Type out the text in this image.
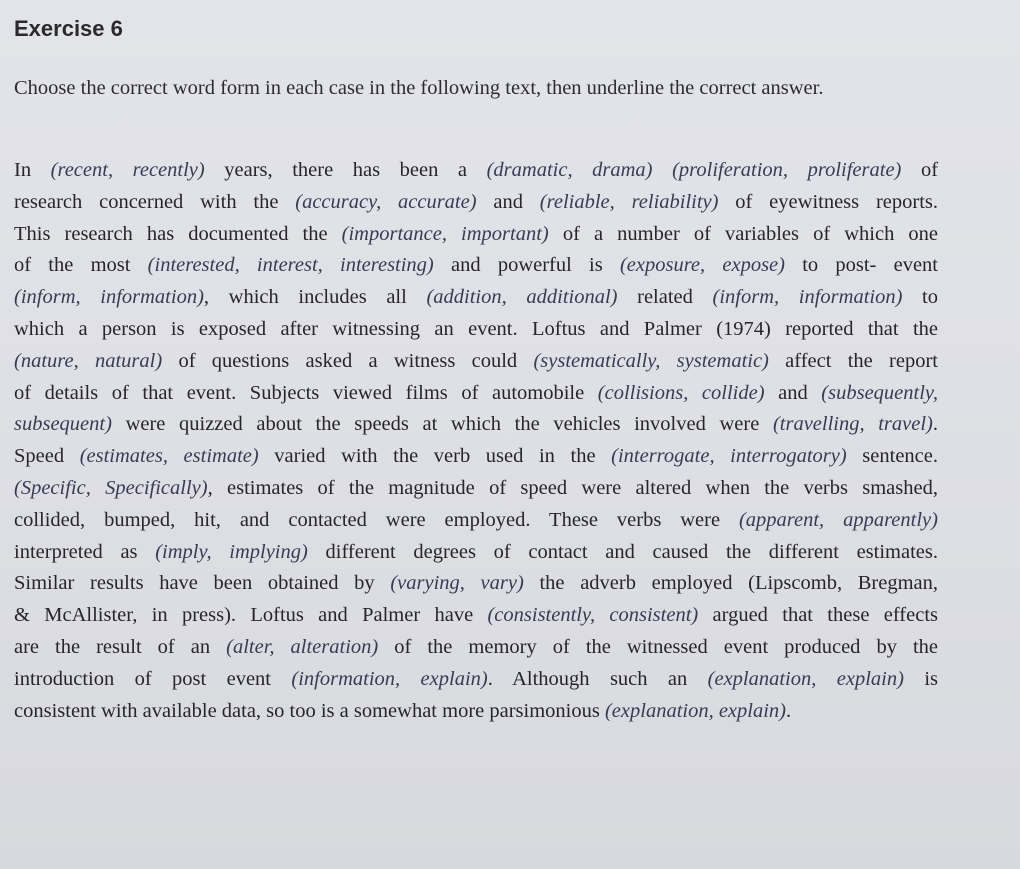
Exercise 6

Choose the correct word form in each case in the following text, then underline the correct answer.

In (recent, recently) years, there has been a (dramatic, drama) (proliferation, proliferate) of
research concerned with the (accuracy, accurate) and (reliable, reliability) of eyewitness reports.
This research has documented the (importance, important) of a number of variables of which one
of the most (interested, interest, interesting) and powerful is (exposure, expose) to post- event
(inform, information), which includes all (addition, additional) related (inform, information) to
which a person is exposed after witnessing an event. Loftus and Palmer (1974) reported that the
(nature, natural) of questions asked a witness could (systematically, systematic) affect the report
of details of that event. Subjects viewed films of automobile (collisions, collide) and (subsequently,
subsequent) were quizzed about the speeds at which the vehicles involved were (travelling, travel).
Speed (estimates, estimate) varied with the verb used in the (interrogate, interrogatory) sentence.
(Specific, Specifically), estimates of the magnitude of speed were altered when the verbs smashed,
collided, bumped, hit, and contacted were employed. These verbs were (apparent, apparently)
interpreted as (imply, implying) different degrees of contact and caused the different estimates.
Similar results have been obtained by (varying, vary) the adverb employed (Lipscomb, Bregman,
& McAllister, in press). Loftus and Palmer have (consistently, consistent) argued that these effects
are the result of an (alter, alteration) of the memory of the witnessed event produced by the
introduction of post event (information, explain). Although such an (explanation, explain) is
consistent with available data, so too is a somewhat more parsimonious (explanation, explain).
